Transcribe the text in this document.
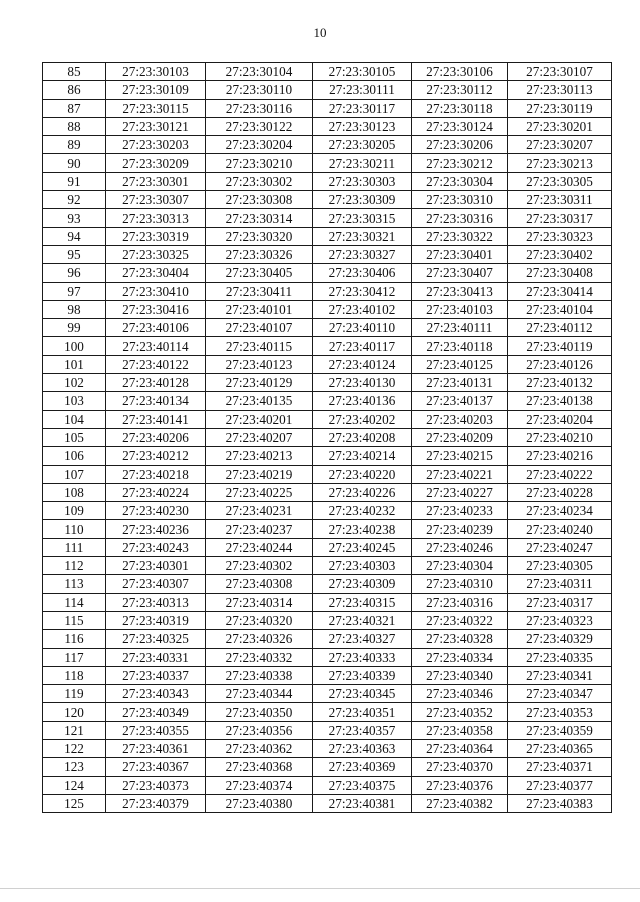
10
85	27:23:30103	27:23:30104	27:23:30105	27:23:30106	27:23:30107
86	27:23:30109	27:23:30110	27:23:30111	27:23:30112	27:23:30113
87	27:23:30115	27:23:30116	27:23:30117	27:23:30118	27:23:30119
88	27:23:30121	27:23:30122	27:23:30123	27:23:30124	27:23:30201
89	27:23:30203	27:23:30204	27:23:30205	27:23:30206	27:23:30207
90	27:23:30209	27:23:30210	27:23:30211	27:23:30212	27:23:30213
91	27:23:30301	27:23:30302	27:23:30303	27:23:30304	27:23:30305
92	27:23:30307	27:23:30308	27:23:30309	27:23:30310	27:23:30311
93	27:23:30313	27:23:30314	27:23:30315	27:23:30316	27:23:30317
94	27:23:30319	27:23:30320	27:23:30321	27:23:30322	27:23:30323
95	27:23:30325	27:23:30326	27:23:30327	27:23:30401	27:23:30402
96	27:23:30404	27:23:30405	27:23:30406	27:23:30407	27:23:30408
97	27:23:30410	27:23:30411	27:23:30412	27:23:30413	27:23:30414
98	27:23:30416	27:23:40101	27:23:40102	27:23:40103	27:23:40104
99	27:23:40106	27:23:40107	27:23:40110	27:23:40111	27:23:40112
100	27:23:40114	27:23:40115	27:23:40117	27:23:40118	27:23:40119
101	27:23:40122	27:23:40123	27:23:40124	27:23:40125	27:23:40126
102	27:23:40128	27:23:40129	27:23:40130	27:23:40131	27:23:40132
103	27:23:40134	27:23:40135	27:23:40136	27:23:40137	27:23:40138
104	27:23:40141	27:23:40201	27:23:40202	27:23:40203	27:23:40204
105	27:23:40206	27:23:40207	27:23:40208	27:23:40209	27:23:40210
106	27:23:40212	27:23:40213	27:23:40214	27:23:40215	27:23:40216
107	27:23:40218	27:23:40219	27:23:40220	27:23:40221	27:23:40222
108	27:23:40224	27:23:40225	27:23:40226	27:23:40227	27:23:40228
109	27:23:40230	27:23:40231	27:23:40232	27:23:40233	27:23:40234
110	27:23:40236	27:23:40237	27:23:40238	27:23:40239	27:23:40240
111	27:23:40243	27:23:40244	27:23:40245	27:23:40246	27:23:40247
112	27:23:40301	27:23:40302	27:23:40303	27:23:40304	27:23:40305
113	27:23:40307	27:23:40308	27:23:40309	27:23:40310	27:23:40311
114	27:23:40313	27:23:40314	27:23:40315	27:23:40316	27:23:40317
115	27:23:40319	27:23:40320	27:23:40321	27:23:40322	27:23:40323
116	27:23:40325	27:23:40326	27:23:40327	27:23:40328	27:23:40329
117	27:23:40331	27:23:40332	27:23:40333	27:23:40334	27:23:40335
118	27:23:40337	27:23:40338	27:23:40339	27:23:40340	27:23:40341
119	27:23:40343	27:23:40344	27:23:40345	27:23:40346	27:23:40347
120	27:23:40349	27:23:40350	27:23:40351	27:23:40352	27:23:40353
121	27:23:40355	27:23:40356	27:23:40357	27:23:40358	27:23:40359
122	27:23:40361	27:23:40362	27:23:40363	27:23:40364	27:23:40365
123	27:23:40367	27:23:40368	27:23:40369	27:23:40370	27:23:40371
124	27:23:40373	27:23:40374	27:23:40375	27:23:40376	27:23:40377
125	27:23:40379	27:23:40380	27:23:40381	27:23:40382	27:23:40383
